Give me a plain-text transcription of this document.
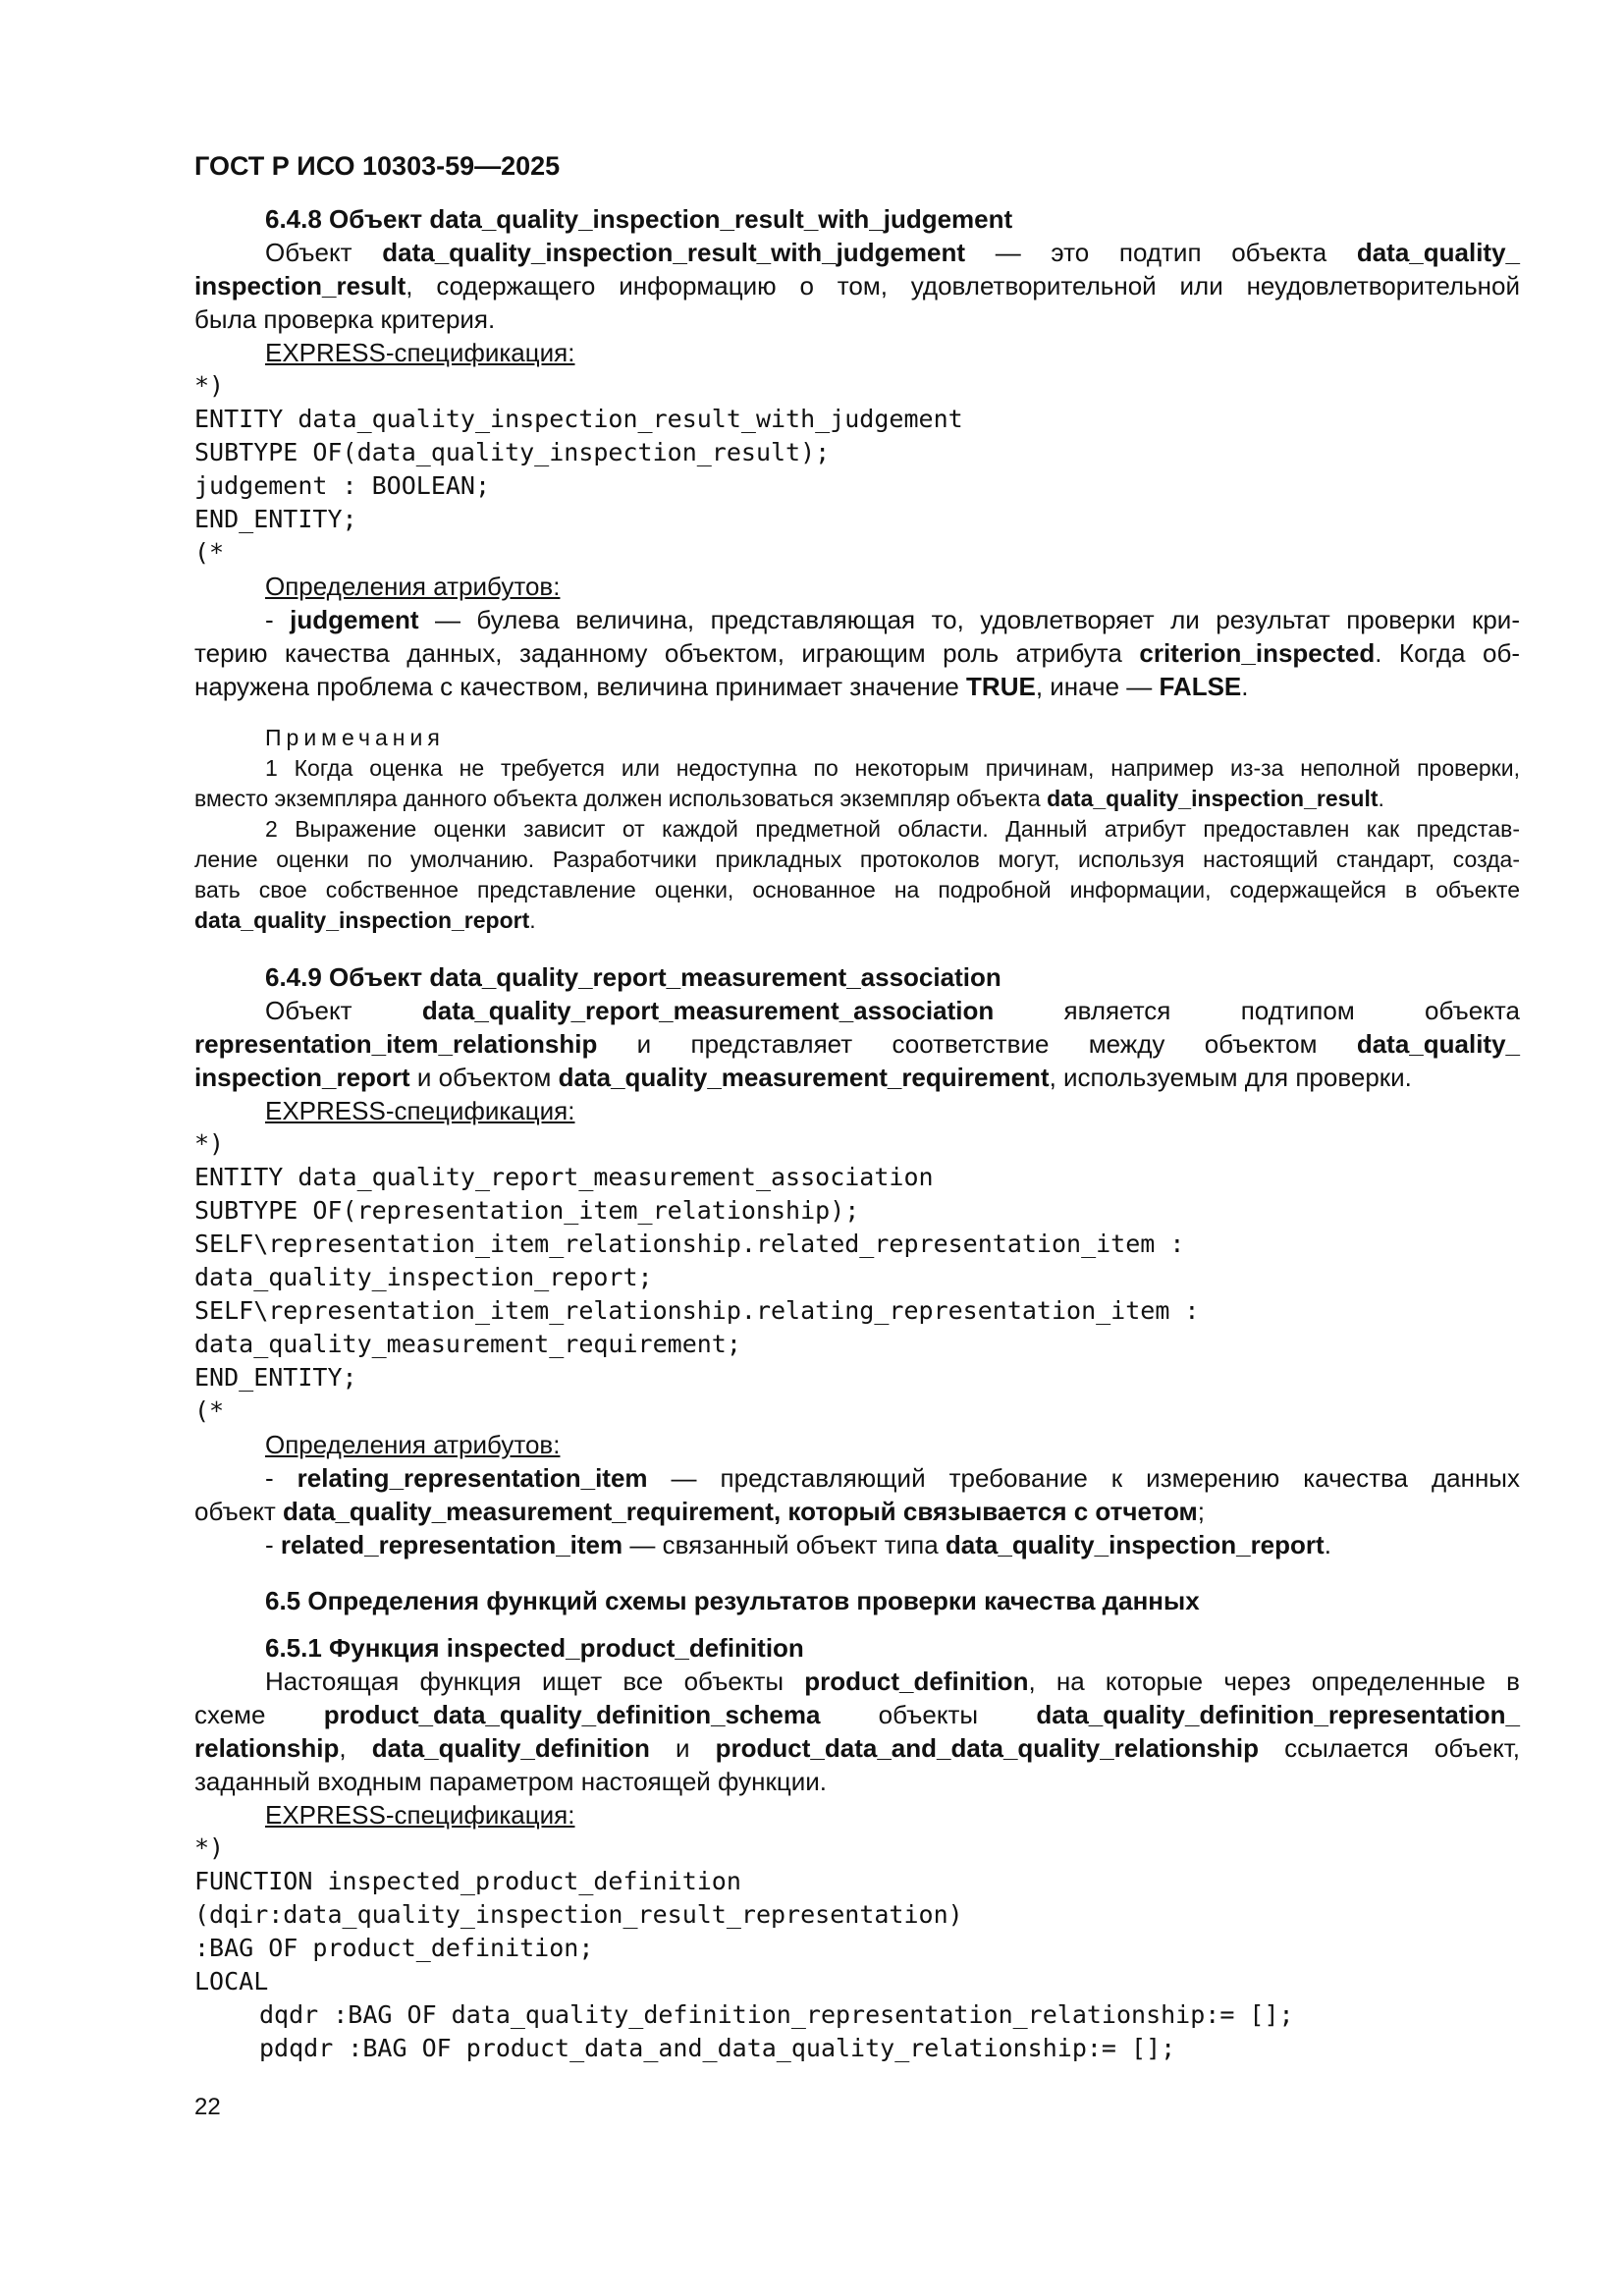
ГОСТ Р ИСО 10303-59—2025
6.4.8 Объект data_quality_inspection_result_with_judgement
Объект data_quality_inspection_result_with_judgement — это подтип объекта data_quality_
inspection_result, содержащего информацию о том, удовлетворительной или неудовлетворительной
была проверка критерия.
EXPRESS-спецификация:
*)
ENTITY data_quality_inspection_result_with_judgement
SUBTYPE OF(data_quality_inspection_result);
judgement : BOOLEAN;
END_ENTITY;
(*
Определения атрибутов:
- judgement — булева величина, представляющая то, удовлетворяет ли результат проверки кри-
терию качества данных, заданному объектом, играющим роль атрибута criterion_inspected. Когда об-
наружена проблема с качеством, величина принимает значение TRUE, иначе — FALSE.
Примечания
1 Когда оценка не требуется или недоступна по некоторым причинам, например из-за неполной проверки,
вместо экземпляра данного объекта должен использоваться экземпляр объекта data_quality_inspection_result.
2 Выражение оценки зависит от каждой предметной области. Данный атрибут предоставлен как представ-
ление оценки по умолчанию. Разработчики прикладных протоколов могут, используя настоящий стандарт, созда-
вать свое собственное представление оценки, основанное на подробной информации, содержащейся в объекте
data_quality_inspection_report.
6.4.9 Объект data_quality_report_measurement_association
Объект	data_quality_report_measurement_association	является	подтипом	объекта
representation_item_relationship и представляет соответствие между объектом data_quality_
inspection_report и объектом data_quality_measurement_requirement, используемым для проверки.
EXPRESS-спецификация:
*)
ENTITY data_quality_report_measurement_association
SUBTYPE OF(representation_item_relationship);
SELF\representation_item_relationship.related_representation_item :
data_quality_inspection_report;
SELF\representation_item_relationship.relating_representation_item :
data_quality_measurement_requirement;
END_ENTITY;
(*
Определения атрибутов:
- relating_representation_item — представляющий требование к измерению качества данных
объект data_quality_measurement_requirement, который связывается с отчетом;
- related_representation_item — связанный объект типа data_quality_inspection_report.
6.5 Определения функций схемы результатов проверки качества данных
6.5.1 Функция inspected_product_definition
Настоящая функция ищет все объекты product_definition, на которые через определенные в
схеме product_data_quality_definition_schema объекты data_quality_definition_representation_
relationship, data_quality_definition и product_data_and_data_quality_relationship ссылается объект,
заданный входным параметром настоящей функции.
EXPRESS-спецификация:
*)
FUNCTION inspected_product_definition
(dqir:data_quality_inspection_result_representation)
:BAG OF product_definition;
LOCAL
dqdr :BAG OF data_quality_definition_representation_relationship:= [];
pdqdr :BAG OF product_data_and_data_quality_relationship:= [];
22
